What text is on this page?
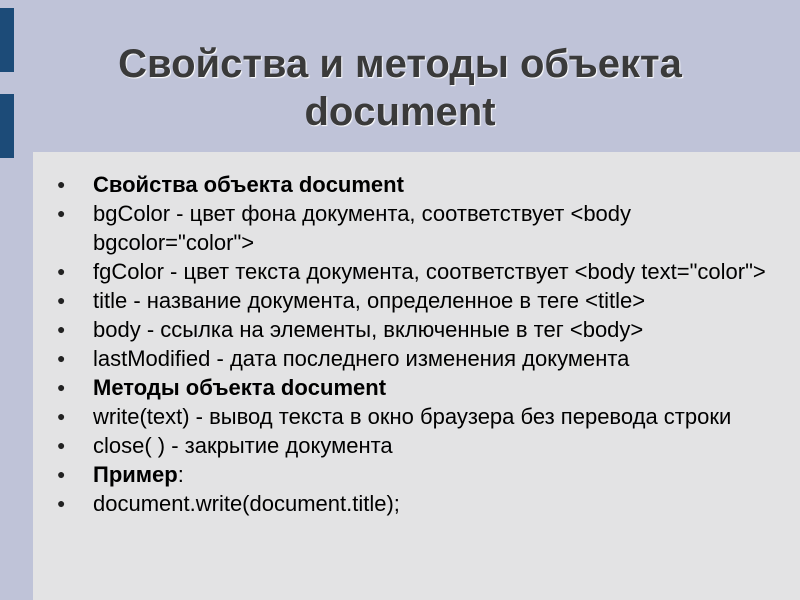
Свойства и методы объекта
document
● Свойства объекта document
● bgColor - цвет фона документа, соответствует <body bgcolor="color">
● fgColor - цвет текста документа, соответствует <body text="color">
● title - название документа, определенное в теге <title>
● body - ссылка на элементы, включенные в тег <body>
● lastModified - дата последнего изменения документа
● Методы объекта document
● write(text) - вывод текста в окно браузера без перевода строки
● close( ) - закрытие документа
● Пример:
● document.write(document.title);
